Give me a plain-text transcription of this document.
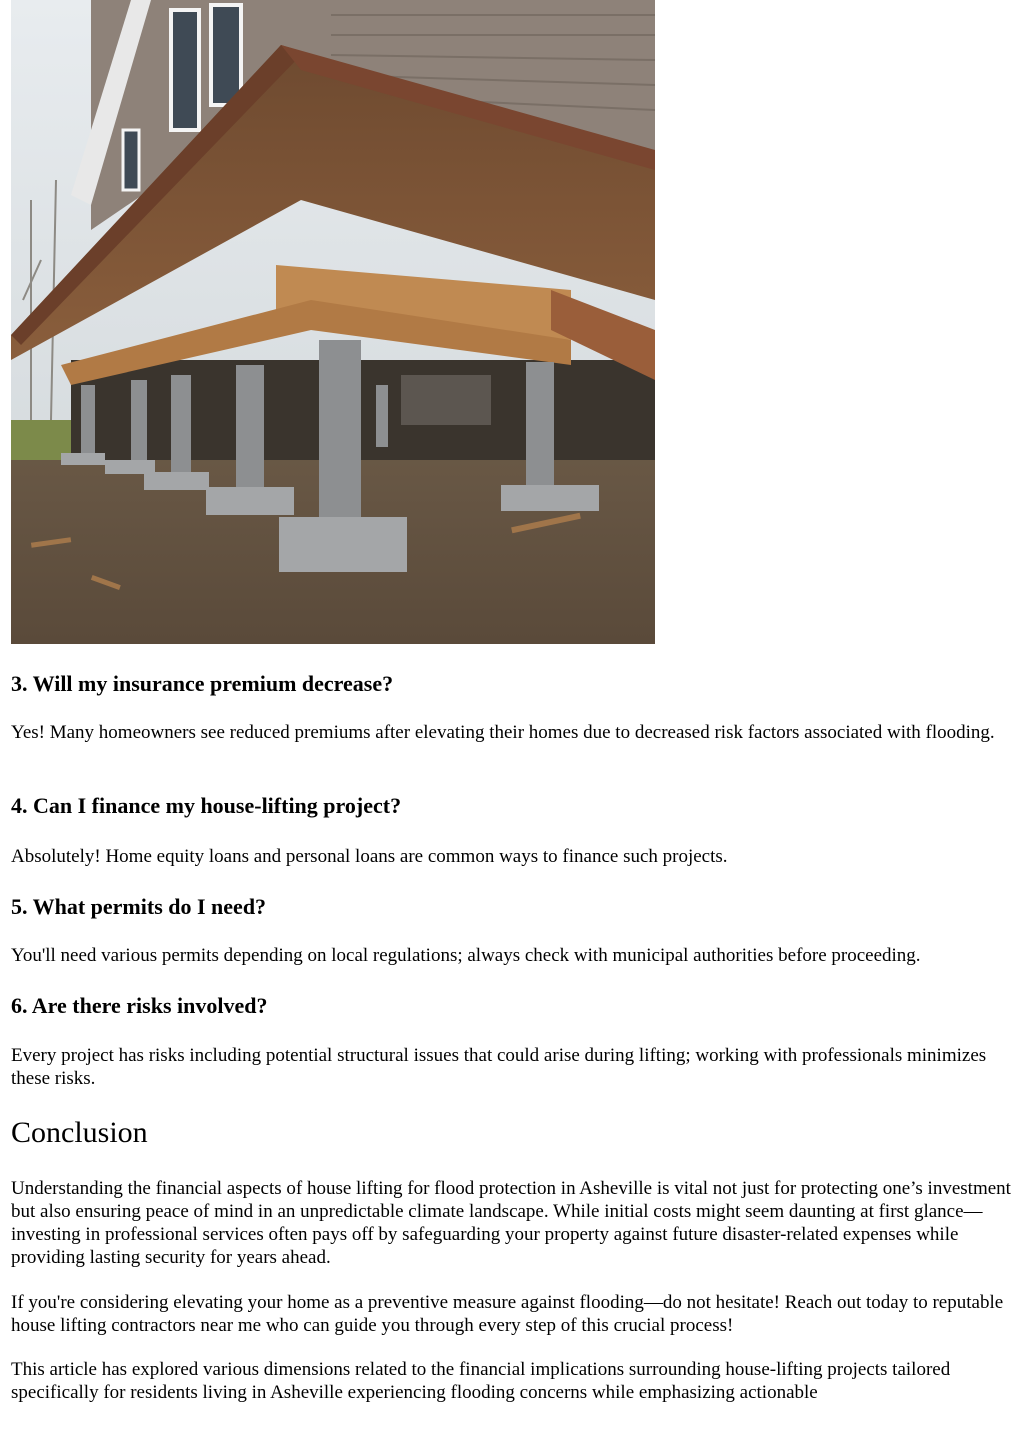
3. Will my insurance premium decrease?

Yes! Many homeowners see reduced premiums after elevating their homes due to decreased risk factors associated with flooding.

4. Can I finance my house-lifting project?

Absolutely! Home equity loans and personal loans are common ways to finance such projects.

5. What permits do I need?

You'll need various permits depending on local regulations; always check with municipal authorities before proceeding.

6. Are there risks involved?

Every project has risks including potential structural issues that could arise during lifting; working with professionals minimizes these risks.

Conclusion

Understanding the financial aspects of house lifting for flood protection in Asheville is vital not just for protecting one’s investment but also ensuring peace of mind in an unpredictable climate landscape. While initial costs might seem daunting at first glance—investing in professional services often pays off by safeguarding your property against future disaster-related expenses while providing lasting security for years ahead.

If you're considering elevating your home as a preventive measure against flooding—do not hesitate! Reach out today to reputable house lifting contractors near me who can guide you through every step of this crucial process!

This article has explored various dimensions related to the financial implications surrounding house-lifting projects tailored specifically for residents living in Asheville experiencing flooding concerns while emphasizing actionable
